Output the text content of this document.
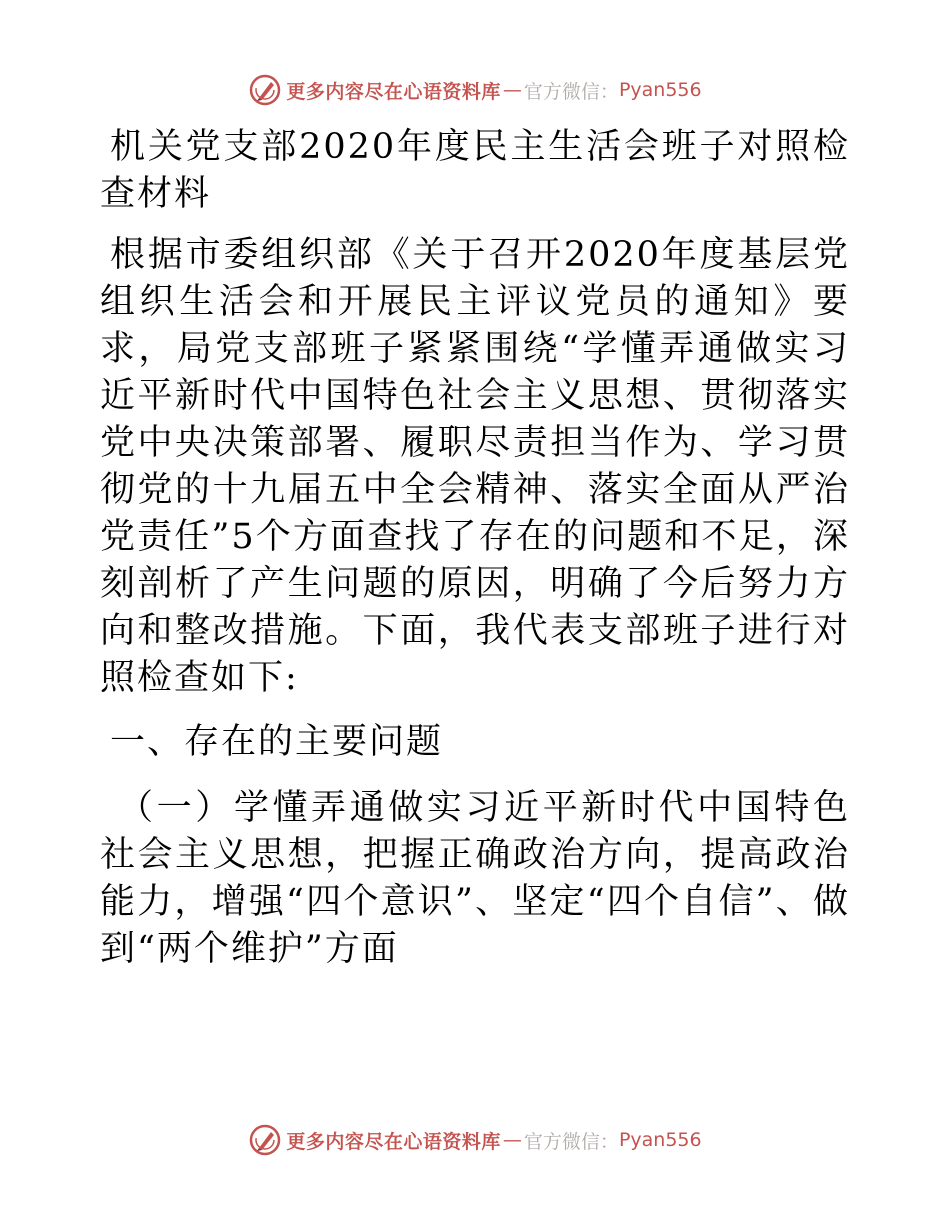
更多内容尽在心语资料库 — 官方微信： Pyan556

机关党支部2020年度民主生活会班子对照检查材料

根据市委组织部《关于召开2020年度基层党组织生活会和开展民主评议党员的通知》要求，局党支部班子紧紧围绕“学懂弄通做实习近平新时代中国特色社会主义思想、贯彻落实党中央决策部署、履职尽责担当作为、学习贯彻党的十九届五中全会精神、落实全面从严治党责任”5个方面查找了存在的问题和不足，深刻剖析了产生问题的原因，明确了今后努力方向和整改措施。下面，我代表支部班子进行对照检查如下:

一、存在的主要问题

（一）学懂弄通做实习近平新时代中国特色社会主义思想，把握正确政治方向，提高政治能力，增强“四个意识”、坚定“四个自信”、做到“两个维护”方面

更多内容尽在心语资料库 — 官方微信： Pyan556
